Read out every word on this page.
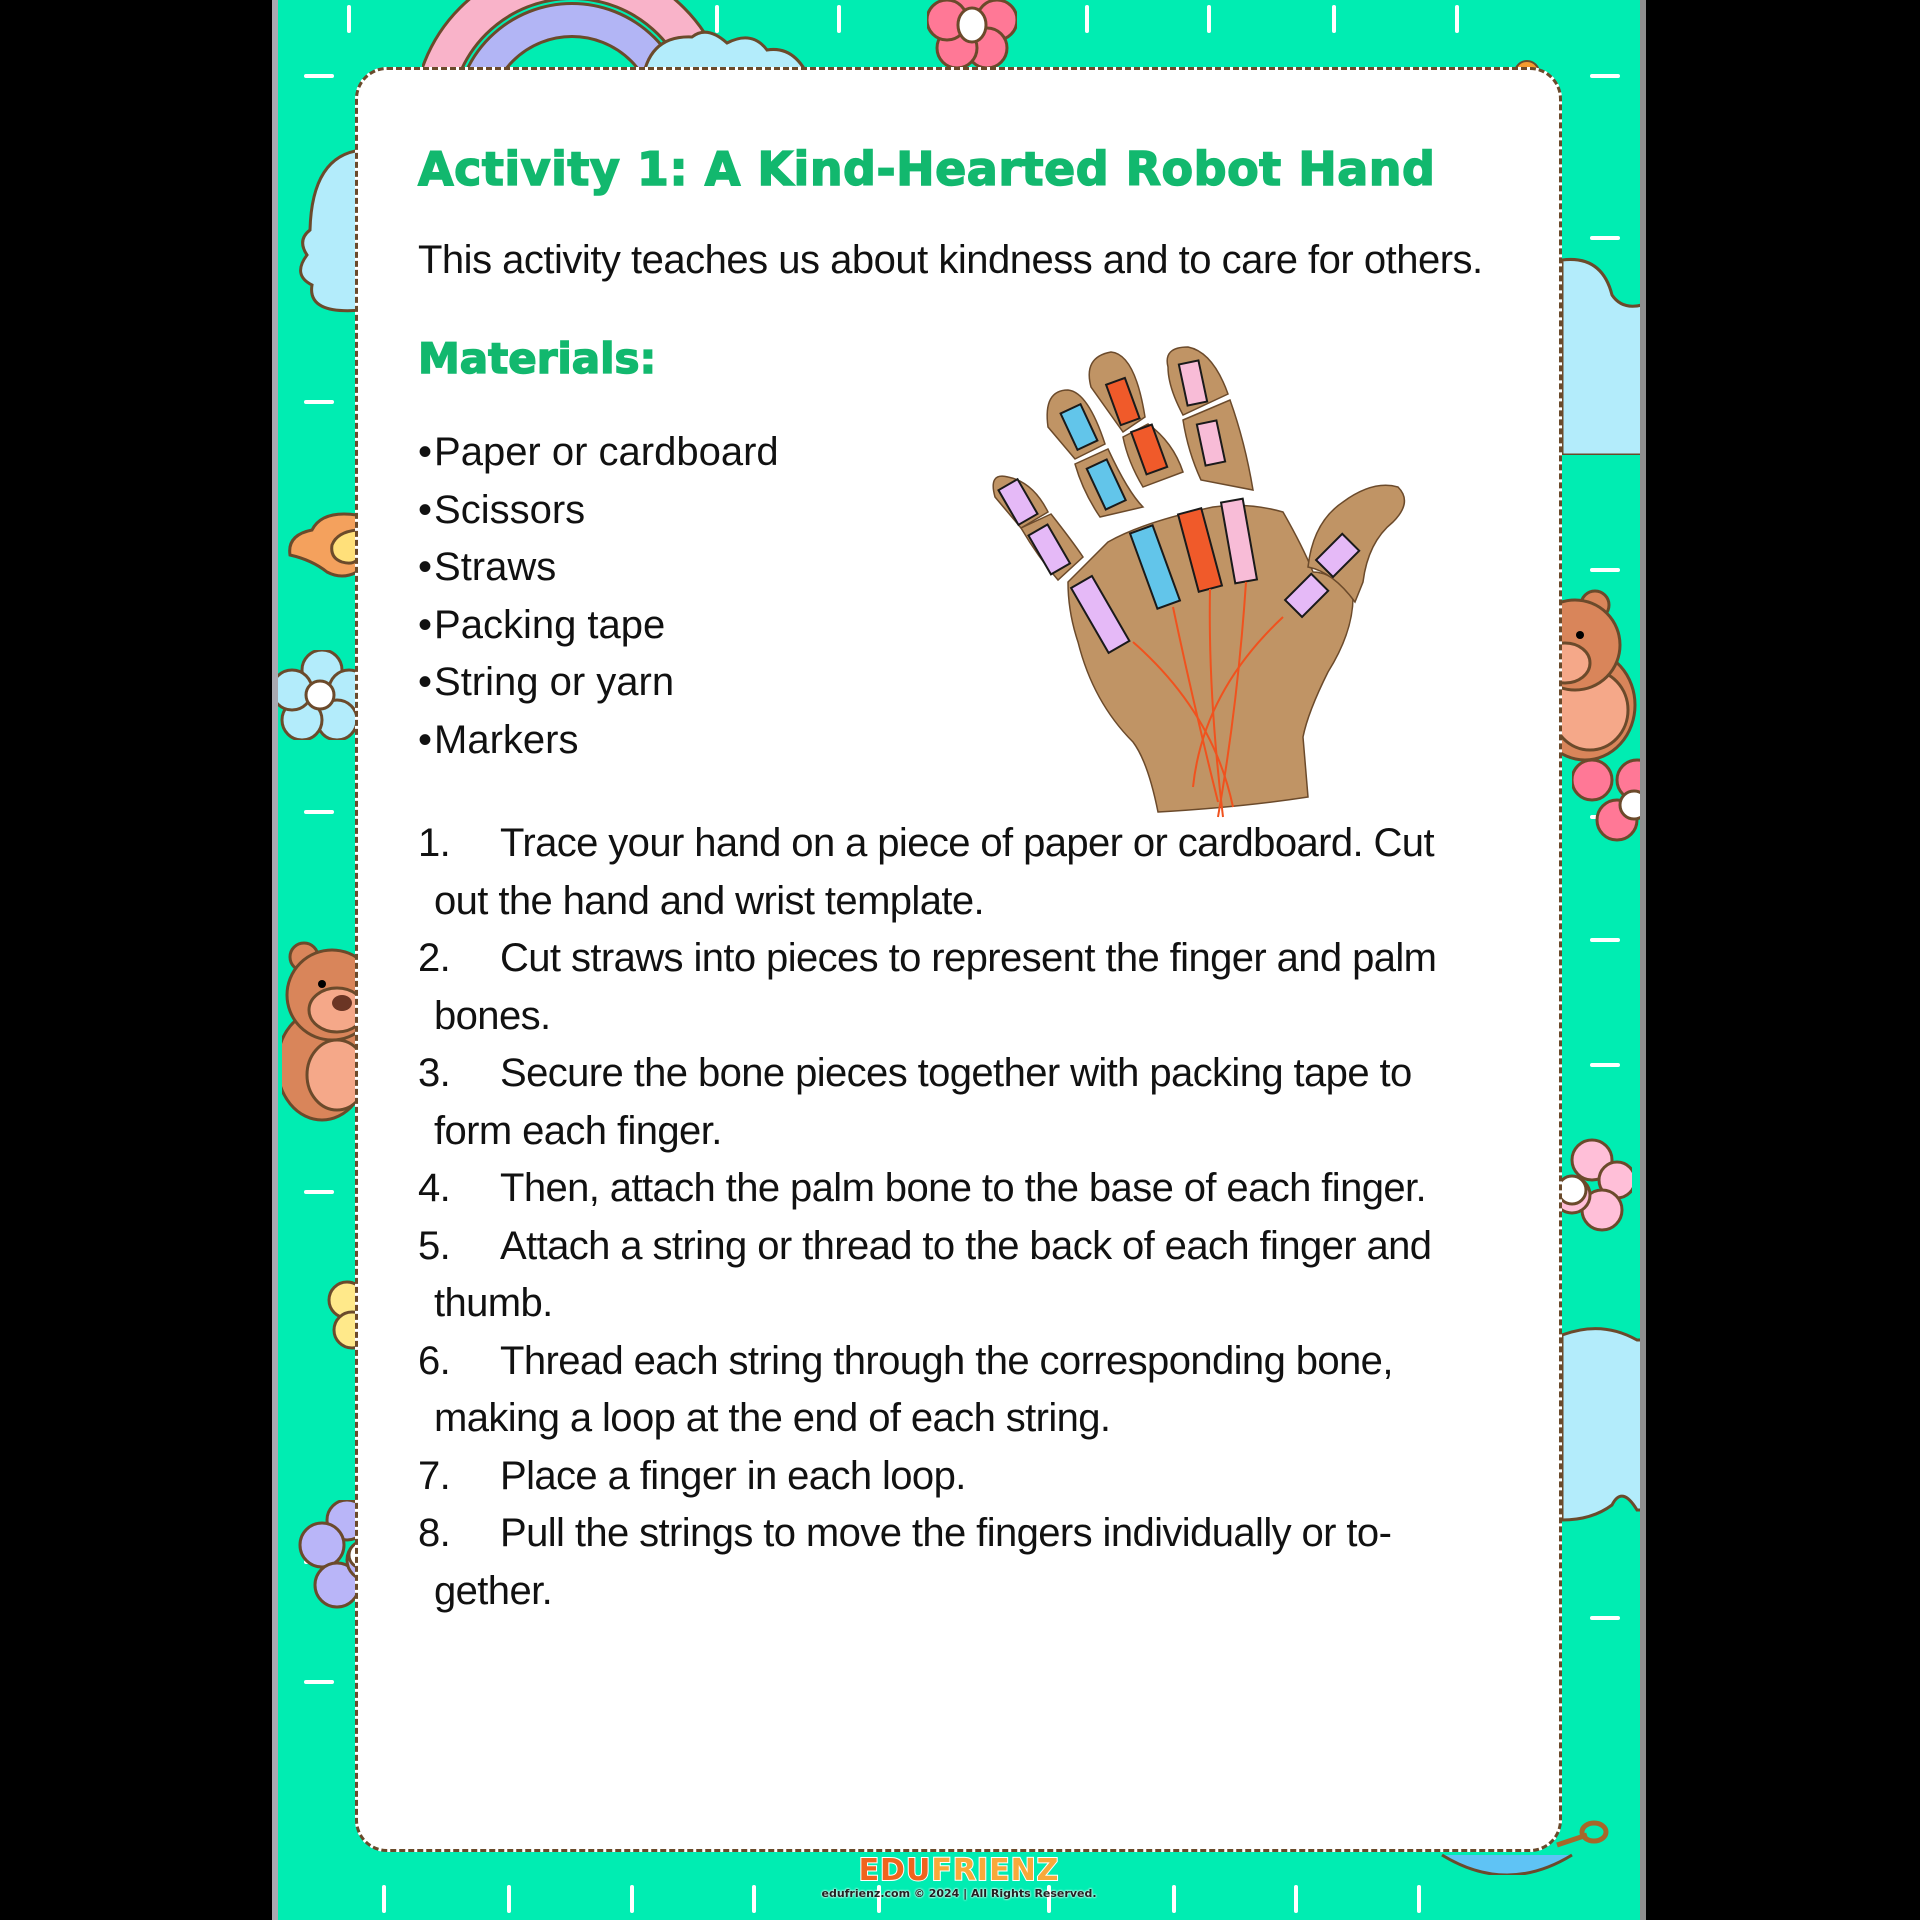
Activity 1: A Kind-Hearted Robot Hand
This activity teaches us about kindness and to care for others.
Materials:
• Paper or cardboard
• Scissors
• Straws
• Packing tape
• String or yarn
• Markers
1. Trace your hand on a piece of paper or cardboard. Cut out the hand and wrist template.
2. Cut straws into pieces to represent the finger and palm bones.
3. Secure the bone pieces together with packing tape to form each finger.
4. Then, attach the palm bone to the base of each finger.
5. Attach a string or thread to the back of each finger and thumb.
6. Thread each string through the corresponding bone, making a loop at the end of each string.
7. Place a finger in each loop.
8. Pull the strings to move the fingers individually or to-gether.
EDUFRIENZ
edufrienz.com © 2024 | All Rights Reserved.
